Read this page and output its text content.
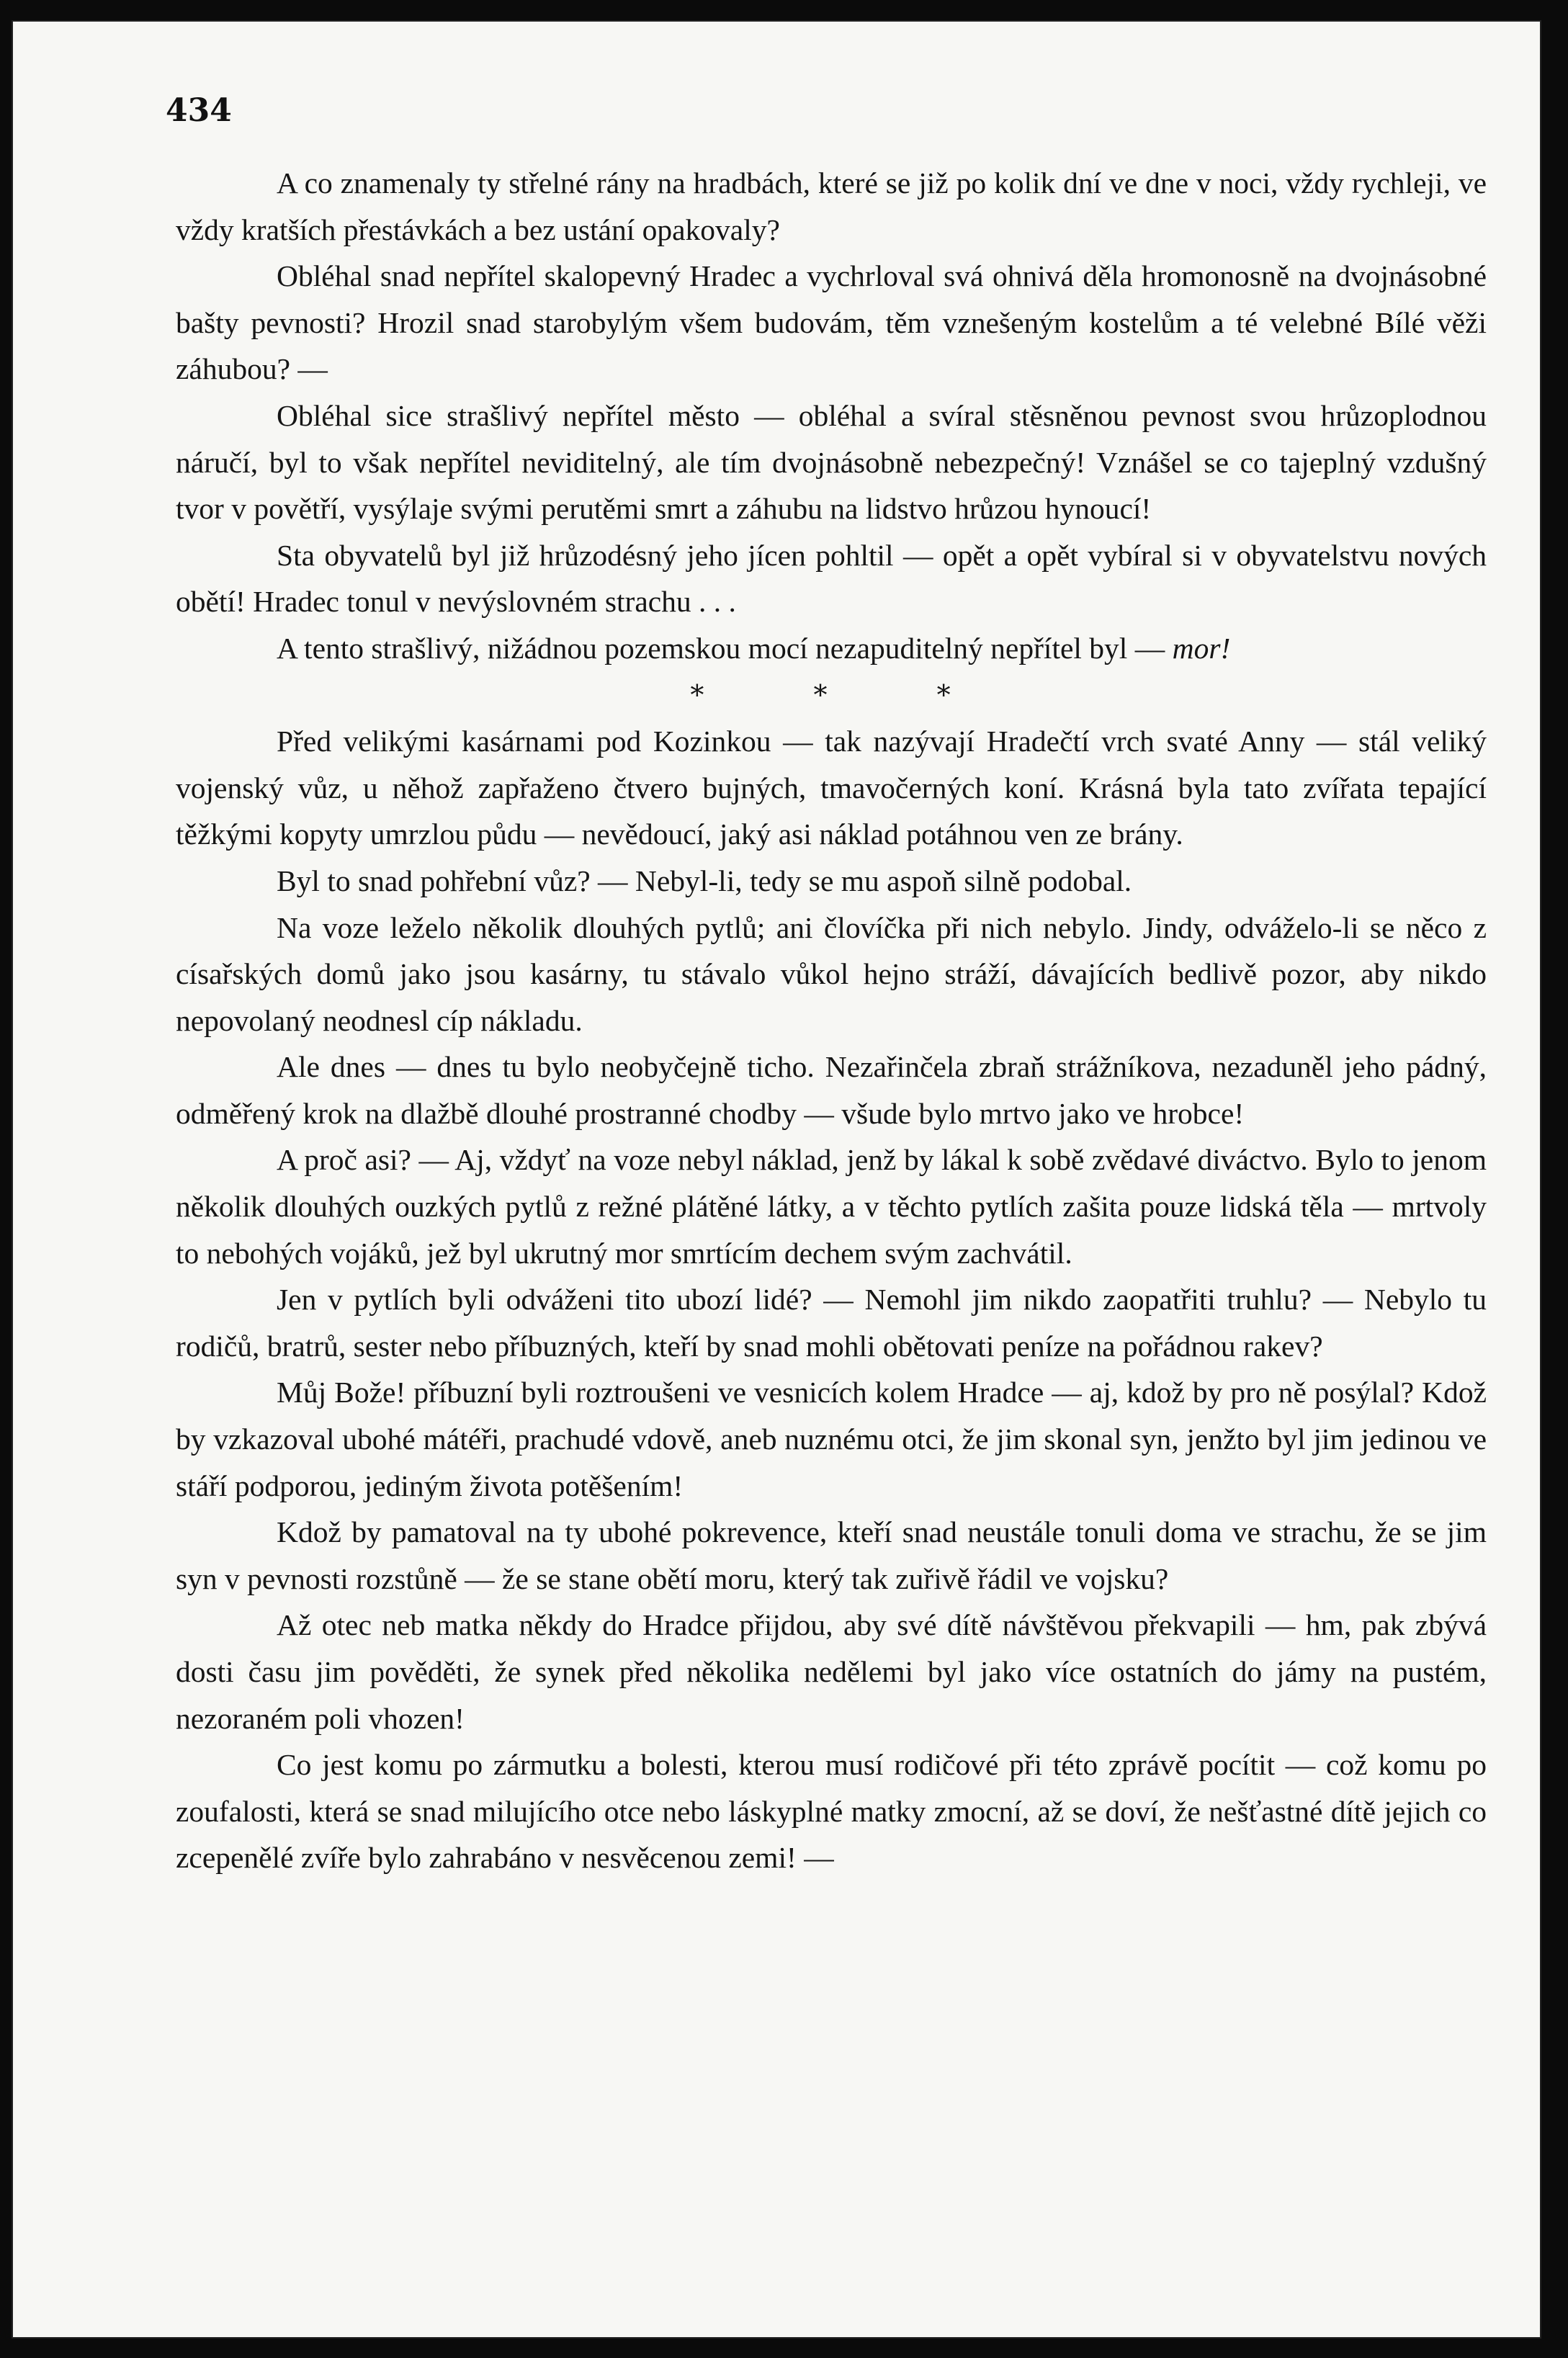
434

A co znamenaly ty střelné rány na hradbách, které se již po kolik dní ve dne v noci, vždy rychleji, ve vždy kratších přestávkách a bez ustání opakovaly?

Obléhal snad nepřítel skalopevný Hradec a vychrloval svá ohnivá děla hromonosně na dvojnásobné bašty pevnosti? Hrozil snad starobylým všem budovám, těm vznešeným kostelům a té velebné Bílé věži záhubou? —

Obléhal sice strašlivý nepřítel město — obléhal a svíral stěsněnou pevnost svou hrůzoplodnou náručí, byl to však nepřítel neviditelný, ale tím dvojnásobně nebezpečný! Vznášel se co tajeplný vzdušný tvor v povětří, vysýlaje svými perutěmi smrt a záhubu na lidstvo hrůzou hynoucí!

Sta obyvatelů byl již hrůzodésný jeho jícen pohltil — opět a opět vybíral si v obyvatelstvu nových obětí! Hradec tonul v nevýslovném strachu . . .

A tento strašlivý, nižádnou pozemskou mocí nezapuditelný nepřítel byl — mor!

* * *

Před velikými kasárnami pod Kozinkou — tak nazývají Hradečtí vrch svaté Anny — stál veliký vojenský vůz, u něhož zapřaženo čtvero bujných, tmavočerných koní. Krásná byla tato zvířata tepající těžkými kopyty umrzlou půdu — nevědoucí, jaký asi náklad potáhnou ven ze brány.

Byl to snad pohřební vůz? — Nebyl-li, tedy se mu aspoň silně podobal.

Na voze leželo několik dlouhých pytlů; ani človíčka při nich nebylo. Jindy, odváželo-li se něco z císařských domů jako jsou kasárny, tu stávalo vůkol hejno stráží, dávajících bedlivě pozor, aby nikdo nepovolaný neodnesl cíp nákladu.

Ale dnes — dnes tu bylo neobyčejně ticho. Nezařinčela zbraň strážníkova, nezaduněl jeho pádný, odměřený krok na dlažbě dlouhé prostranné chodby — všude bylo mrtvo jako ve hrobce!

A proč asi? — Aj, vždyť na voze nebyl náklad, jenž by lákal k sobě zvědavé diváctvo. Bylo to jenom několik dlouhých ouzkých pytlů z režné plátěné látky, a v těchto pytlích zašita pouze lidská těla — mrtvoly to nebohých vojáků, jež byl ukrutný mor smrtícím dechem svým zachvátil.

Jen v pytlích byli odváženi tito ubozí lidé? — Nemohl jim nikdo zaopatřiti truhlu? — Nebylo tu rodičů, bratrů, sester nebo příbuzných, kteří by snad mohli obětovati peníze na pořádnou rakev?

Můj Bože! příbuzní byli roztroušeni ve vesnicích kolem Hradce — aj, kdož by pro ně posýlal? Kdož by vzkazoval ubohé mátéři, prachudé vdově, aneb nuznému otci, že jim skonal syn, jenžto byl jim jedinou ve stáří podporou, jediným života potěšením!

Kdož by pamatoval na ty ubohé pokrevence, kteří snad neustále tonuli doma ve strachu, že se jim syn v pevnosti rozstůně — že se stane obětí moru, který tak zuřivě řádil ve vojsku?

Až otec neb matka někdy do Hradce přijdou, aby své dítě návštěvou překvapili — hm, pak zbývá dosti času jim pověděti, že synek před několika nedělemi byl jako více ostatních do jámy na pustém, nezoraném poli vhozen!

Co jest komu po zármutku a bolesti, kterou musí rodičové při této zprávě pocítit — což komu po zoufalosti, která se snad milujícího otce nebo láskyplné matky zmocní, až se doví, že nešťastné dítě jejich co zcepenělé zvíře bylo zahrabáno v nesvěcenou zemi! —
